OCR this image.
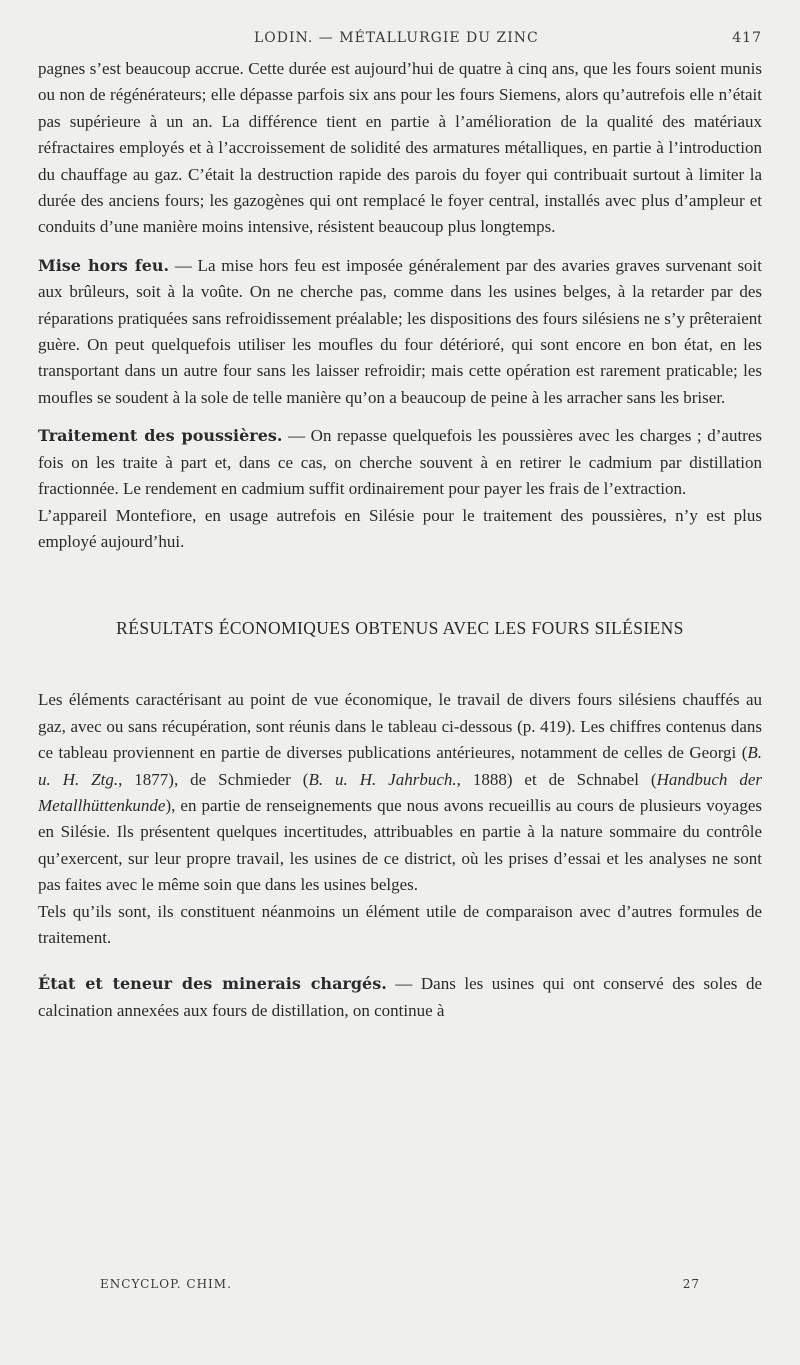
LODIN. — MÉTALLURGIE DU ZINC	417

pagnes s’est beaucoup accrue. Cette durée est aujourd’hui de quatre à cinq ans, que les fours soient munis ou non de régénérateurs; elle dépasse parfois six ans pour les fours Siemens, alors qu’autrefois elle n’était pas supérieure à un an. La différence tient en partie à l’amélioration de la qualité des matériaux réfractaires employés et à l’accroissement de solidité des armatures métalliques, en partie à l’introduction du chauffage au gaz. C’était la destruction rapide des parois du foyer qui contribuait surtout à limiter la durée des anciens fours; les gazogènes qui ont remplacé le foyer central, installés avec plus d’ampleur et conduits d’une manière moins intensive, résistent beaucoup plus longtemps.

Mise hors feu. — La mise hors feu est imposée généralement par des avaries graves survenant soit aux brûleurs, soit à la voûte. On ne cherche pas, comme dans les usines belges, à la retarder par des réparations pratiquées sans refroidissement préalable; les dispositions des fours silésiens ne s’y prêteraient guère. On peut quelquefois utiliser les moufles du four détérioré, qui sont encore en bon état, en les transportant dans un autre four sans les laisser refroidir; mais cette opération est rarement praticable; les moufles se soudent à la sole de telle manière qu’on a beaucoup de peine à les arracher sans les briser.

Traitement des poussières. — On repasse quelquefois les poussières avec les charges ; d’autres fois on les traite à part et, dans ce cas, on cherche souvent à en retirer le cadmium par distillation fractionnée. Le rendement en cadmium suffit ordinairement pour payer les frais de l’extraction.

L’appareil Montefiore, en usage autrefois en Silésie pour le traitement des poussières, n’y est plus employé aujourd’hui.

RÉSULTATS ÉCONOMIQUES OBTENUS AVEC LES FOURS SILÉSIENS

Les éléments caractérisant au point de vue économique, le travail de divers fours silésiens chauffés au gaz, avec ou sans récupération, sont réunis dans le tableau ci-dessous (p. 419). Les chiffres contenus dans ce tableau proviennent en partie de diverses publications antérieures, notamment de celles de Georgi (B. u. H. Ztg., 1877), de Schmieder (B. u. H. Jahrbuch., 1888) et de Schnabel (Handbuch der Metallhüttenkunde), en partie de renseignements que nous avons recueillis au cours de plusieurs voyages en Silésie. Ils présentent quelques incertitudes, attribuables en partie à la nature sommaire du contrôle qu’exercent, sur leur propre travail, les usines de ce district, où les prises d’essai et les analyses ne sont pas faites avec le même soin que dans les usines belges.

Tels qu’ils sont, ils constituent néanmoins un élément utile de comparaison avec d’autres formules de traitement.

État et teneur des minerais chargés. — Dans les usines qui ont conservé des soles de calcination annexées aux fours de distillation, on continue à

ENCYCLOP. CHIM.	27
